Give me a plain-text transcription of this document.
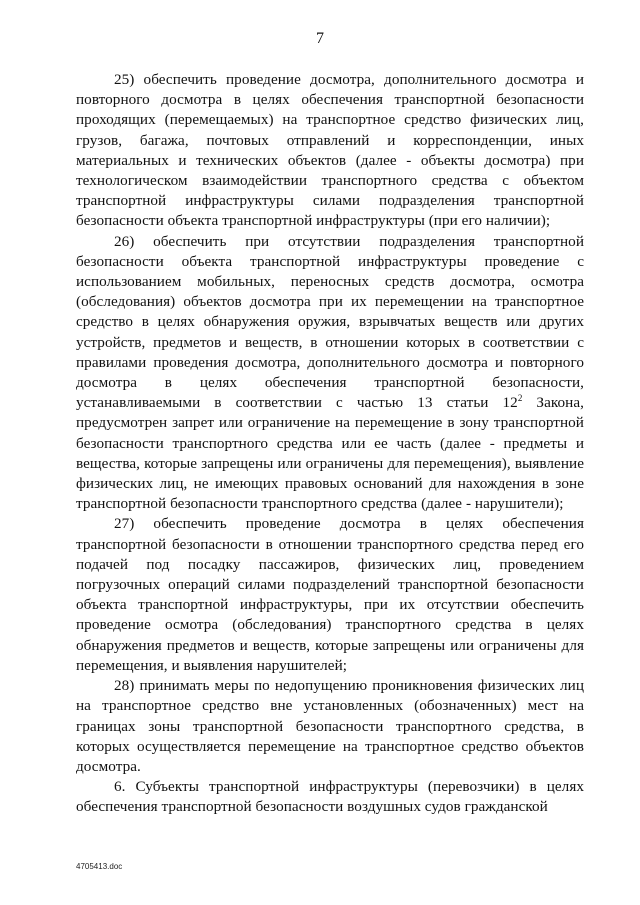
7

25) обеспечить проведение досмотра, дополнительного досмотра и повторного досмотра в целях обеспечения транспортной безопасности проходящих (перемещаемых) на транспортное средство физических лиц, грузов, багажа, почтовых отправлений и корреспонденции, иных материальных и технических объектов (далее - объекты досмотра) при технологическом взаимодействии транспортного средства с объектом транспортной инфраструктуры силами подразделения транспортной безопасности объекта транспортной инфраструктуры (при его наличии);

26) обеспечить при отсутствии подразделения транспортной безопасности объекта транспортной инфраструктуры проведение с использованием мобильных, переносных средств досмотра, осмотра (обследования) объектов досмотра при их перемещении на транспортное средство в целях обнаружения оружия, взрывчатых веществ или других устройств, предметов и веществ, в отношении которых в соответствии с правилами проведения досмотра, дополнительного досмотра и повторного досмотра в целях обеспечения транспортной безопасности, устанавливаемыми в соответствии с частью 13 статьи $12^2$ Закона, предусмотрен запрет или ограничение на перемещение в зону транспортной безопасности транспортного средства или ее часть (далее - предметы и вещества, которые запрещены или ограничены для перемещения), выявление физических лиц, не имеющих правовых оснований для нахождения в зоне транспортной безопасности транспортного средства (далее - нарушители);

27) обеспечить проведение досмотра в целях обеспечения транспортной безопасности в отношении транспортного средства перед его подачей под посадку пассажиров, физических лиц, проведением погрузочных операций силами подразделений транспортной безопасности объекта транспортной инфраструктуры, при их отсутствии обеспечить проведение осмотра (обследования) транспортного средства в целях обнаружения предметов и веществ, которые запрещены или ограничены для перемещения, и выявления нарушителей;

28) принимать меры по недопущению проникновения физических лиц на транспортное средство вне установленных (обозначенных) мест на границах зоны транспортной безопасности транспортного средства, в которых осуществляется перемещение на транспортное средство объектов досмотра.

6. Субъекты транспортной инфраструктуры (перевозчики) в целях обеспечения транспортной безопасности воздушных судов гражданской

4705413.doc
